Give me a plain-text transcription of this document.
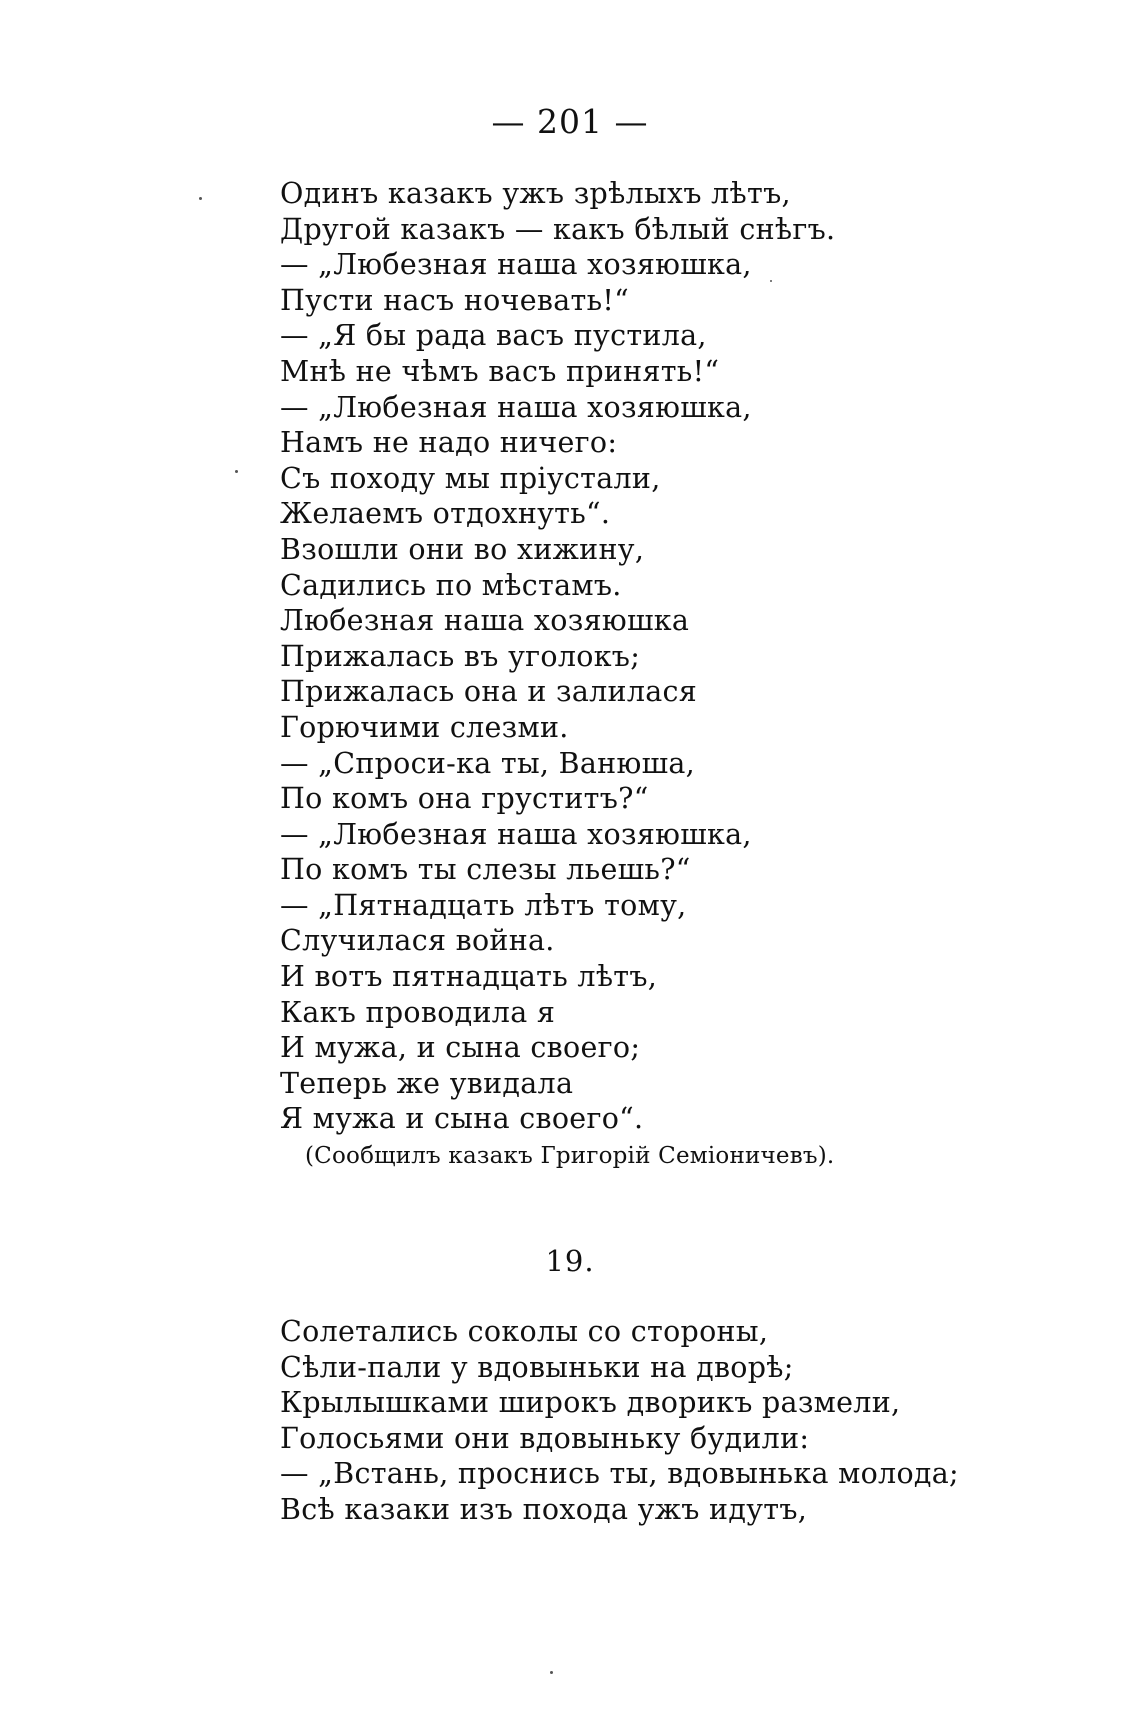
— 201 —
Одинъ казакъ ужъ зрѣлыхъ лѣтъ,
Другой казакъ — какъ бѣлый снѣгъ.
— „Любезная наша хозяюшка,
Пусти насъ ночевать!“
— „Я бы рада васъ пустила,
Мнѣ не чѣмъ васъ принять!“
— „Любезная наша хозяюшка,
Намъ не надо ничего:
Съ походу мы пріустали,
Желаемъ отдохнуть“.
Взошли они во хижину,
Садились по мѣстамъ.
Любезная наша хозяюшка
Прижалась въ уголокъ;
Прижалась она и залилася
Горючими слезми.
— „Спроси-ка ты, Ванюша,
По комъ она груститъ?“
— „Любезная наша хозяюшка,
По комъ ты слезы льешь?“
— „Пятнадцать лѣтъ тому,
Случилася война.
И вотъ пятнадцать лѣтъ,
Какъ проводила я
И мужа, и сына своего;
Теперь же увидала
Я мужа и сына своего“.
(Сообщилъ казакъ Григорій Семіоничевъ).
19.
Солетались соколы со стороны,
Сѣли-пали у вдовыньки на дворѣ;
Крылышками широкъ дворикъ размели,
Голосьями они вдовыньку будили:
— „Встань, проснись ты, вдовынька молода;
Всѣ казаки изъ похода ужъ идутъ,
